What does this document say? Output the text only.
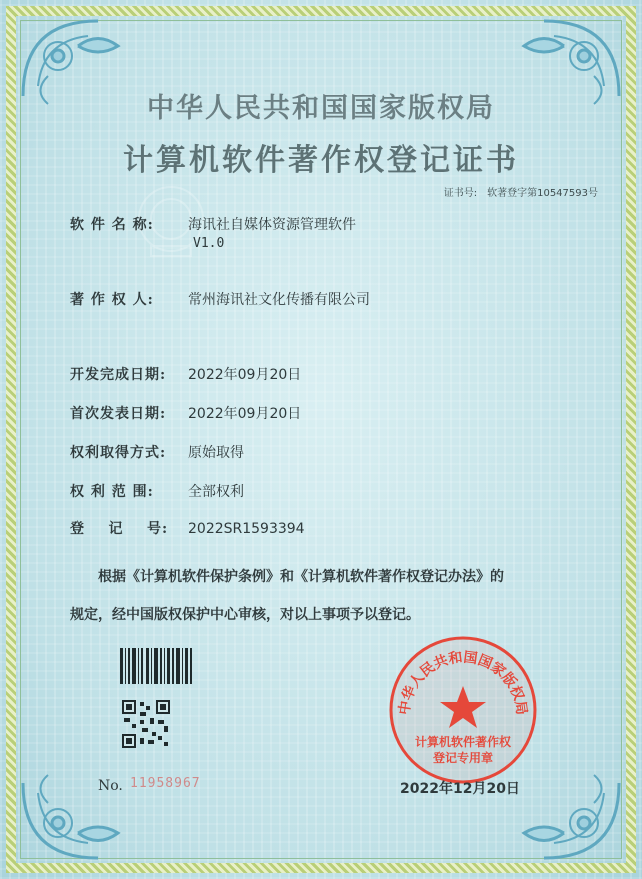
中华人民共和国国家版权局
计算机软件著作权登记证书
证书号: 软著登字第10547593号
软 件 名 称: 海讯社自媒体资源管理软件
V1.0
著 作 权 人: 常州海讯社文化传播有限公司
开发完成日期: 2022年09月20日
首次发表日期: 2022年09月20日
权利取得方式: 原始取得
权 利 范 围: 全部权利
登    记    号: 2022SR1593394
根据《计算机软件保护条例》和《计算机软件著作权登记办法》的
规定，经中国版权保护中心审核，对以上事项予以登记。
No. 11958967
中华人民共和国国家版权局
计算机软件著作权
登记专用章
2022年12月20日
